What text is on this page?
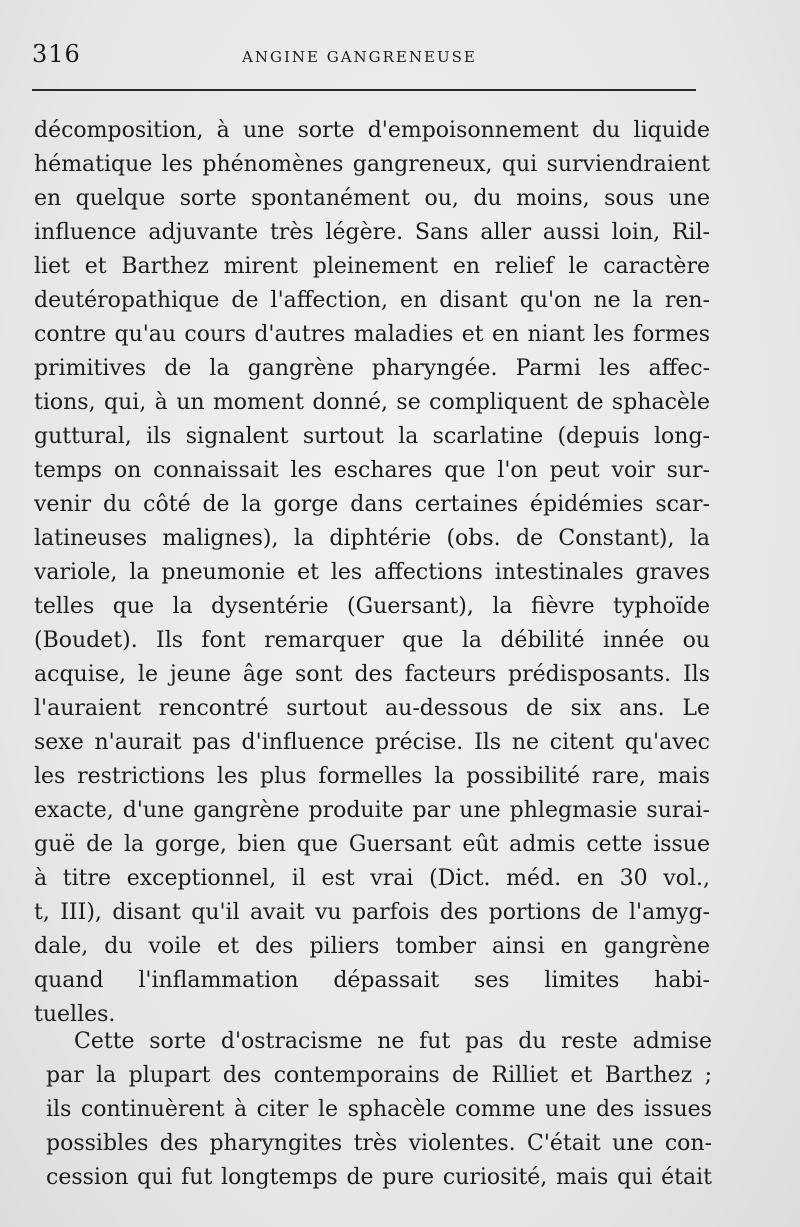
316	ANGINE GANGRENEUSE
décomposition, à une sorte d'empoisonnement du liquide
hématique les phénomènes gangreneux, qui surviendraient
en quelque sorte spontanément ou, du moins, sous une
influence adjuvante très légère. Sans aller aussi loin, Ril-
liet et Barthez mirent pleinement en relief le caractère
deutéropathique de l'affection, en disant qu'on ne la ren-
contre qu'au cours d'autres maladies et en niant les formes
primitives de la gangrène pharyngée. Parmi les affec-
tions, qui, à un moment donné, se compliquent de sphacèle
guttural, ils signalent surtout la scarlatine (depuis long-
temps on connaissait les eschares que l'on peut voir sur-
venir du côté de la gorge dans certaines épidémies scar-
latineuses malignes), la diphtérie (obs. de Constant), la
variole, la pneumonie et les affections intestinales graves
telles que la dysentérie (Guersant), la fièvre typhoïde
(Boudet). Ils font remarquer que la débilité innée ou
acquise, le jeune âge sont des facteurs prédisposants. Ils
l'auraient rencontré surtout au-dessous de six ans. Le
sexe n'aurait pas d'influence précise. Ils ne citent qu'avec
les restrictions les plus formelles la possibilité rare, mais
exacte, d'une gangrène produite par une phlegmasie surai-
guë de la gorge, bien que Guersant eût admis cette issue
à titre exceptionnel, il est vrai (Dict. méd. en 30 vol.,
t, III), disant qu'il avait vu parfois des portions de l'amyg-
dale, du voile et des piliers tomber ainsi en gangrène
quand l'inflammation dépassait ses limites habi-
tuelles.
Cette sorte d'ostracisme ne fut pas du reste admise
par la plupart des contemporains de Rilliet et Barthez ;
ils continuèrent à citer le sphacèle comme une des issues
possibles des pharyngites très violentes. C'était une con-
cession qui fut longtemps de pure curiosité, mais qui était
